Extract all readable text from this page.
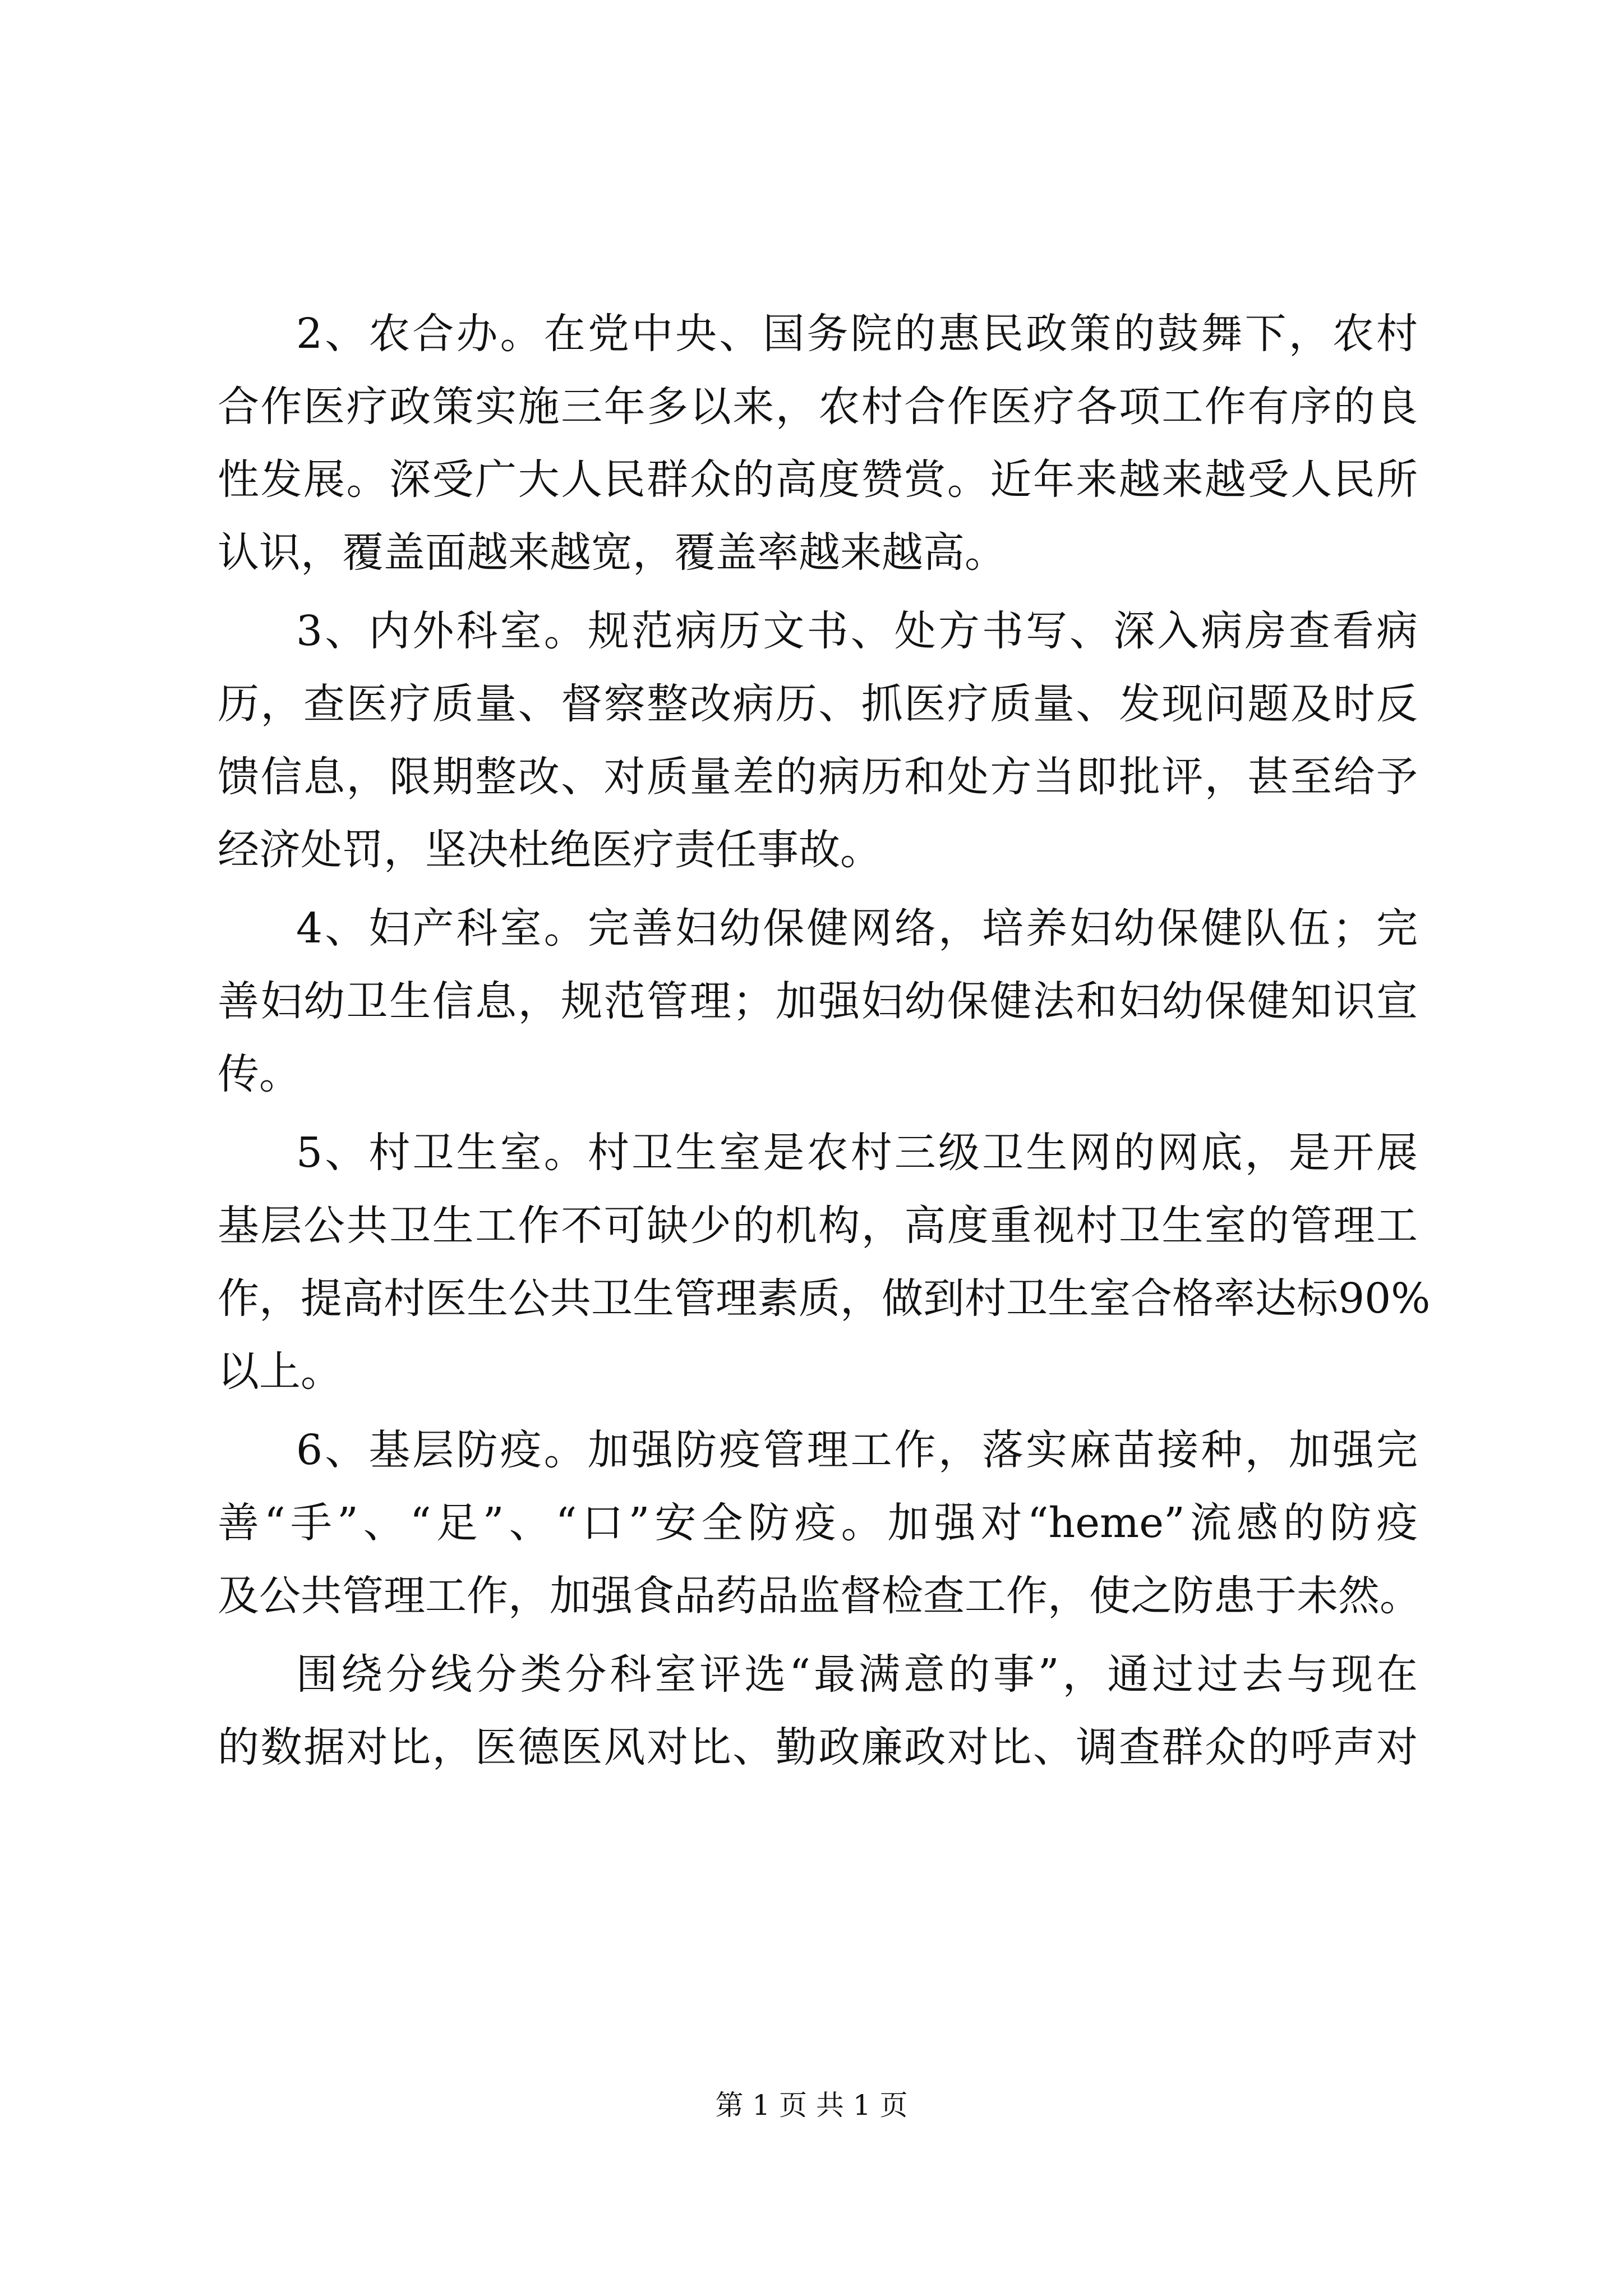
2、农合办。在党中央、国务院的惠民政策的鼓舞下，农村
合作医疗政策实施三年多以来，农村合作医疗各项工作有序的良
性发展。深受广大人民群众的高度赞赏。近年来越来越受人民所
认识，覆盖面越来越宽，覆盖率越来越高。
3、内外科室。规范病历文书、处方书写、深入病房查看病
历，查医疗质量、督察整改病历、抓医疗质量、发现问题及时反
馈信息，限期整改、对质量差的病历和处方当即批评，甚至给予
经济处罚，坚决杜绝医疗责任事故。
4、妇产科室。完善妇幼保健网络，培养妇幼保健队伍；完
善妇幼卫生信息，规范管理；加强妇幼保健法和妇幼保健知识宣
传。
5、村卫生室。村卫生室是农村三级卫生网的网底，是开展
基层公共卫生工作不可缺少的机构，高度重视村卫生室的管理工
作，提高村医生公共卫生管理素质，做到村卫生室合格率达标90%
以上。
6、基层防疫。加强防疫管理工作，落实麻苗接种，加强完
善“手”、“足”、“口”安全防疫。加强对“heme”流感的防疫
及公共管理工作，加强食品药品监督检查工作，使之防患于未然。
围绕分线分类分科室评选“最满意的事”，通过过去与现在
的数据对比，医德医风对比、勤政廉政对比、调查群众的呼声对
第 1 页 共 1 页
